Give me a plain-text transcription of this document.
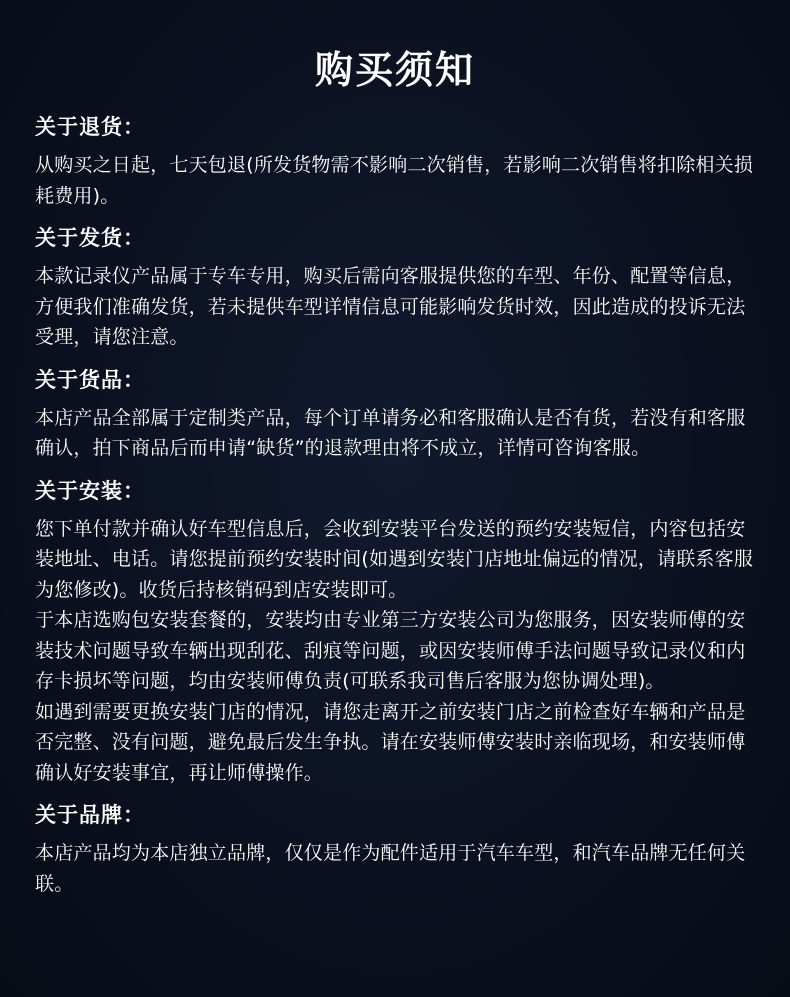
购买须知
关于退货：

从购买之日起，七天包退(所发货物需不影响二次销售，若影响二次销售将扣除相关损耗费用)。

关于发货：

本款记录仪产品属于专车专用，购买后需向客服提供您的车型、年份、配置等信息，方便我们准确发货，若未提供车型详情信息可能影响发货时效，因此造成的投诉无法受理，请您注意。

关于货品：

本店产品全部属于定制类产品，每个订单请务必和客服确认是否有货，若没有和客服确认，拍下商品后而申请“缺货”的退款理由将不成立，详情可咨询客服。

关于安装：

您下单付款并确认好车型信息后，会收到安装平台发送的预约安装短信，内容包括安装地址、电话。请您提前预约安装时间(如遇到安装门店地址偏远的情况，请联系客服为您修改)。收货后持核销码到店安装即可。

于本店选购包安装套餐的，安装均由专业第三方安装公司为您服务，因安装师傅的安装技术问题导致车辆出现刮花、刮痕等问题，或因安装师傅手法问题导致记录仪和内存卡损坏等问题，均由安装师傅负责(可联系我司售后客服为您协调处理)。

如遇到需要更换安装门店的情况，请您走离开之前安装门店之前检查好车辆和产品是否完整、没有问题，避免最后发生争执。请在安装师傅安装时亲临现场，和安装师傅确认好安装事宜，再让师傅操作。

关于品牌：

本店产品均为本店独立品牌，仅仅是作为配件适用于汽车车型，和汽车品牌无任何关联。
